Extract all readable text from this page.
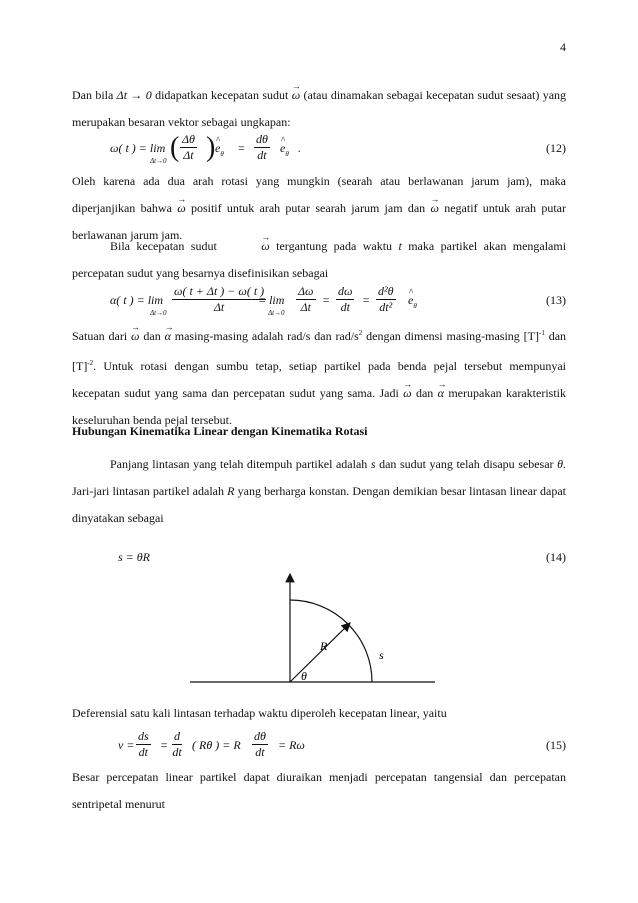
4

Dan bila Δt → 0 didapatkan kecepatan sudut → ω (atau dinamakan sebagai kecepatan sudut sesaat) yang merupakan besaran vektor sebagai ungkapan:

ω( t ) = lim
Δt→0 ( $\frac{\Delta\theta}{\Delta t}$ ) ^ $e_\theta = \frac{d\theta}{dt}$ ^ $e_\theta$ .	(12)

Oleh karena ada dua arah rotasi yang mungkin (searah atau berlawanan jarum jam), maka diperjanjikan bahwa → ω positif untuk arah putar searah jarum jam dan → ω negatif untuk arah putar berlawanan jarum jam.

Bila kecepatan sudut	→ ω tergantung pada waktu t maka partikel akan mengalami percepatan sudut yang besarnya disefinisikan sebagai

α( t ) = lim
$\Delta t\to 0 \frac{\omega( t + \Delta t ) - \omega( t )}{\Delta t}$
= lim
$\Delta t\to 0 \frac{\Delta\omega}{\Delta t} = \frac{d\omega}{dt} = \frac{\text{d²θ}}{\text{dt²}}$ ^ $e_\theta$	(13)

Satuan dari → ω dan → α masing-masing adalah rad/s dan rad/$s^2$ dengan dimensi masing-masing $[T]^{-1}$ dan $[T]^{-2}$. Untuk rotasi dengan sumbu tetap, setiap partikel pada benda pejal tersebut mempunyai kecepatan sudut yang sama dan percepatan sudut yang sama. Jadi → ω dan → α merupakan karakteristik keseluruhan benda pejal tersebut.

Hubungan Kinematika Linear dengan Kinematika Rotasi

Panjang lintasan yang telah ditempuh partikel adalah s dan sudut yang telah disapu sebesar θ. Jari-jari lintasan partikel adalah R yang berharga konstan. Dengan demikian besar lintasan linear dapat dinyatakan sebagai

s = θR	(14)
R
s
θ

Deferensial satu kali lintasan terhadap waktu diperoleh kecepatan linear, yaitu

$v = \frac{ds}{dt} = \frac{d}{dt}$ ( Rθ ) = R $\frac{d\theta}{dt} = R\omega$	(15)

Besar percepatan linear partikel dapat diuraikan menjadi percepatan tangensial dan percepatan sentripetal menurut
